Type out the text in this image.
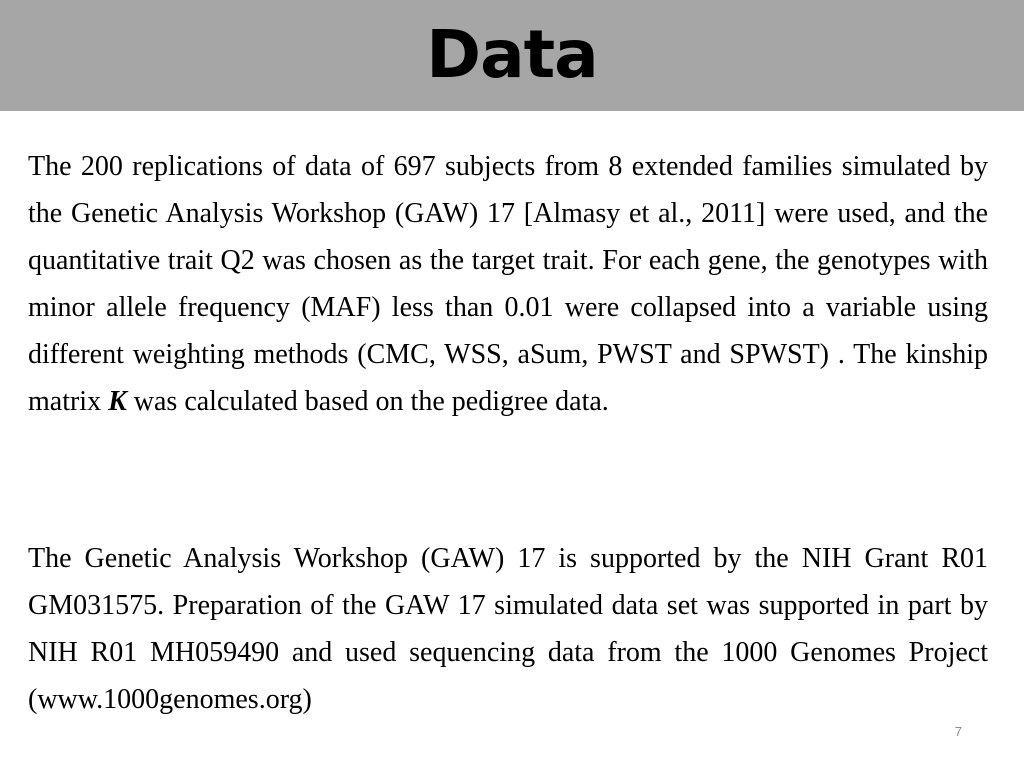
Data

The 200 replications of data of 697 subjects from 8 extended families simulated by the Genetic Analysis Workshop (GAW) 17 [Almasy et al., 2011] were used, and the quantitative trait Q2 was chosen as the target trait. For each gene, the genotypes with minor allele frequency (MAF) less than 0.01 were collapsed into a variable using different weighting methods (CMC, WSS, aSum, PWST and SPWST) . The kinship matrix K was calculated based on the pedigree data.

The Genetic Analysis Workshop (GAW) 17 is supported by the NIH Grant R01 GM031575. Preparation of the GAW 17 simulated data set was supported in part by NIH R01 MH059490 and used sequencing data from the 1000 Genomes Project (www.1000genomes.org)

7
